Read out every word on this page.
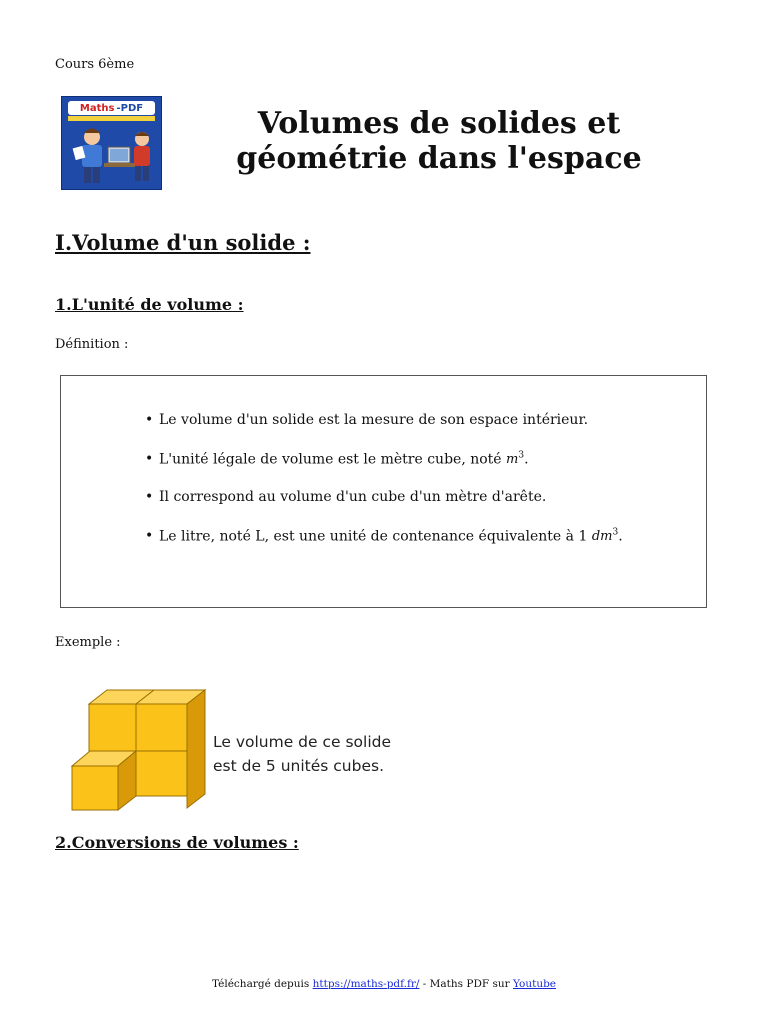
Cours 6ème
Maths -PDF	Volumes de solides et géométrie dans l'espace
I.Volume d'un solide :
1.L'unité de volume :
Définition :
• Le volume d'un solide est la mesure de son espace intérieur.
• L'unité légale de volume est le mètre cube, noté $m^3$.
• Il correspond au volume d'un cube d'un mètre d'arête.
• Le litre, noté L, est une unité de contenance équivalente à 1 $dm^3$.
Exemple :
Le volume de ce solide
est de 5 unités cubes.
2.Conversions de volumes :
Téléchargé depuis https://maths-pdf.fr/ - Maths PDF sur Youtube
